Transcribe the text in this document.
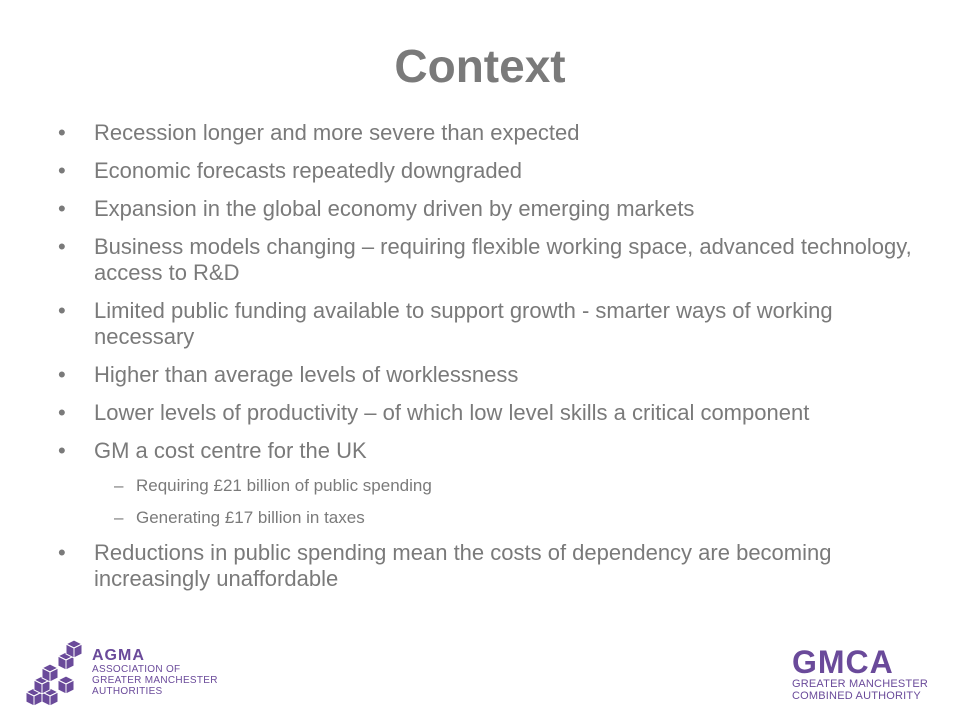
Context
•	Recession longer and more severe than expected
•	Economic forecasts repeatedly downgraded
•	Expansion in the global economy driven by emerging markets
•	Business models changing – requiring flexible working space, advanced technology, access to R&D
•	Limited public funding available to support growth - smarter ways of working necessary
•	Higher than average levels of worklessness
•	Lower levels of productivity – of which low level skills a critical component
•	GM a cost centre for the UK
– Requiring £21 billion of public spending
– Generating £17 billion in taxes
•	Reductions in public spending mean the costs of dependency are becoming increasingly unaffordable
AGMA
ASSOCIATION OF
GREATER MANCHESTER
AUTHORITIES
GMCA
GREATER MANCHESTER
COMBINED AUTHORITY
